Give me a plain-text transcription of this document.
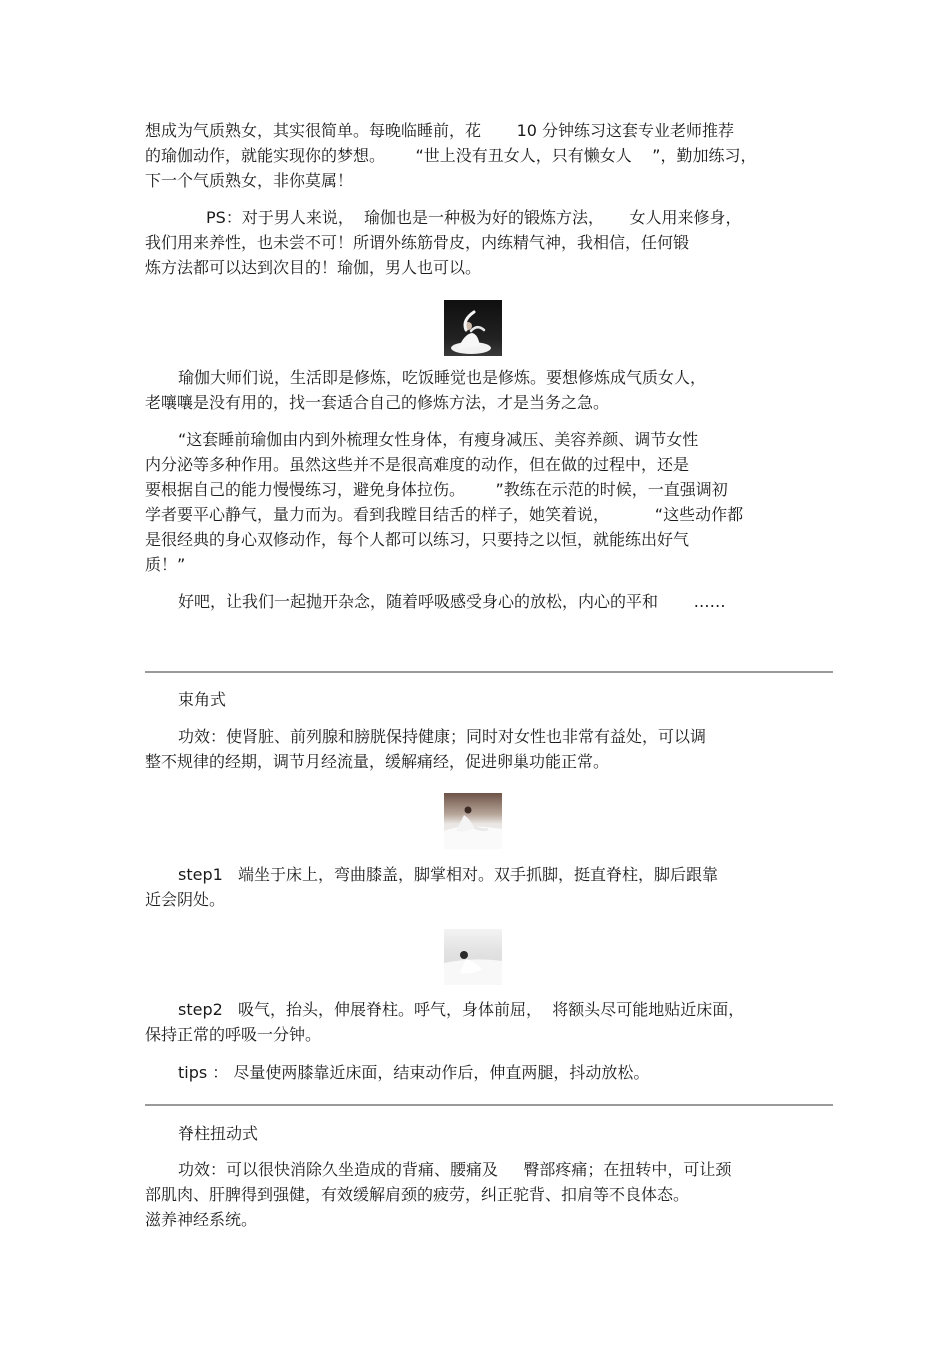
想成为气质熟女，其实很简单。每晚临睡前，花       10 分钟练习这套专业老师推荐
的瑜伽动作，就能实现你的梦想。      “世上没有丑女人，只有懒女人    ”，勤加练习，
下一个气质熟女，非你莫属！
PS：对于男人来说，  瑜伽也是一种极为好的锻炼方法，     女人用来修身，
我们用来养性，也未尝不可！所谓外练筋骨皮，内练精气神，我相信，任何锻
炼方法都可以达到次目的！瑜伽，男人也可以。
瑜伽大师们说，生活即是修炼，吃饭睡觉也是修炼。要想修炼成气质女人，
老嚷嚷是没有用的，找一套适合自己的修炼方法，才是当务之急。
“这套睡前瑜伽由内到外梳理女性身体，有瘦身减压、美容养颜、调节女性
内分泌等多种作用。虽然这些并不是很高难度的动作，但在做的过程中，还是
要根据自己的能力慢慢练习，避免身体拉伤。      ”教练在示范的时候，一直强调初
学者要平心静气，量力而为。看到我瞠目结舌的样子，她笑着说，         “这些动作都
是很经典的身心双修动作，每个人都可以练习，只要持之以恒，就能练出好气
质！”
好吧，让我们一起抛开杂念，随着呼吸感受身心的放松，内心的平和       ……
束角式
功效：使肾脏、前列腺和膀胱保持健康；同时对女性也非常有益处，可以调
整不规律的经期，调节月经流量，缓解痛经，促进卵巢功能正常。
step1   端坐于床上，弯曲膝盖，脚掌相对。双手抓脚，挺直脊柱，脚后跟靠
近会阴处。
step2   吸气，抬头，伸展脊柱。呼气，身体前屈，  将额头尽可能地贴近床面，
保持正常的呼吸一分钟。
tips ： 尽量使两膝靠近床面，结束动作后，伸直两腿，抖动放松。
脊柱扭动式
功效：可以很快消除久坐造成的背痛、腰痛及     臀部疼痛；在扭转中，可让颈
部肌肉、肝脾得到强健，有效缓解肩颈的疲劳，纠正驼背、扣肩等不良体态。
滋养神经系统。
